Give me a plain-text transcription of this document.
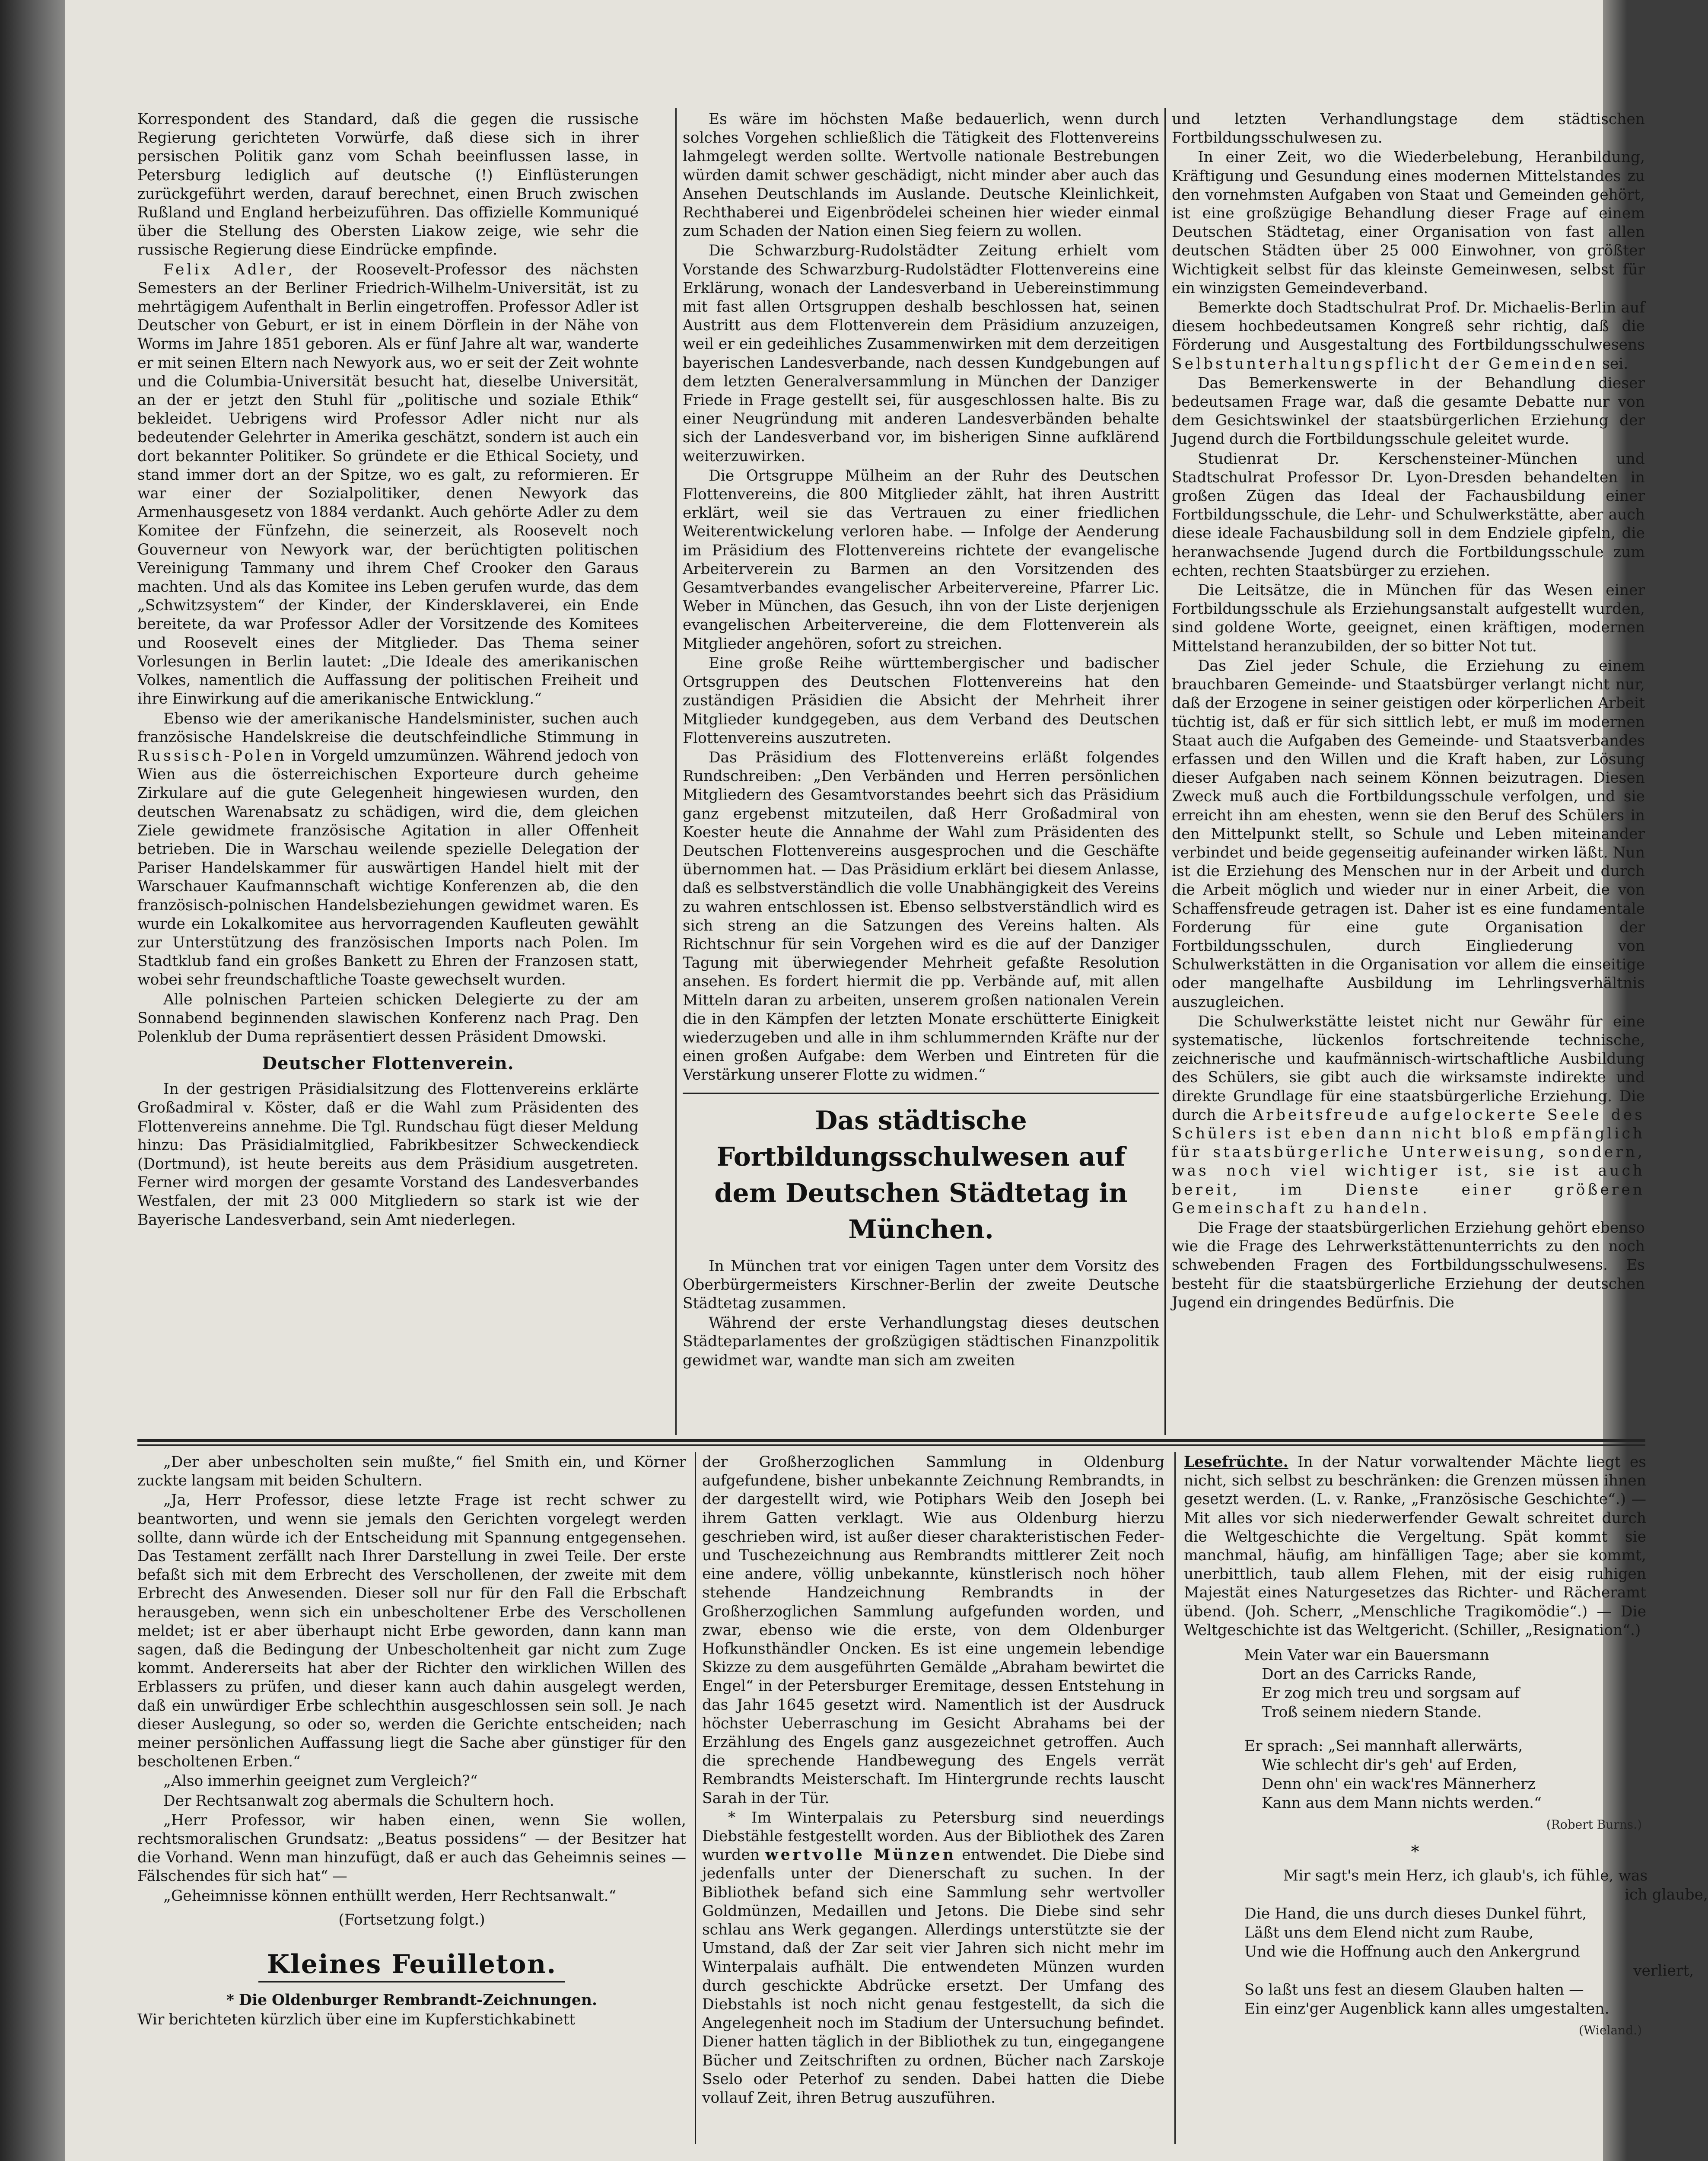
Korrespondent des Standard, daß die gegen die russische Regierung gerichteten Vorwürfe, daß diese sich in ihrer persischen Politik ganz vom Schah beeinflussen lasse, in Petersburg lediglich auf deutsche (!) Einflüsterungen zurückgeführt werden, darauf berechnet, einen Bruch zwischen Rußland und England herbeizuführen. Das offizielle Kommuniqué über die Stellung des Obersten Liakow zeige, wie sehr die russische Regierung diese Eindrücke empfinde.

Felix Adler, der Roosevelt-Professor des nächsten Semesters an der Berliner Friedrich-Wilhelm-Universität, ist zu mehrtägigem Aufenthalt in Berlin eingetroffen. Professor Adler ist Deutscher von Geburt, er ist in einem Dörflein in der Nähe von Worms im Jahre 1851 geboren. Als er fünf Jahre alt war, wanderte er mit seinen Eltern nach Newyork aus, wo er seit der Zeit wohnte und die Columbia-Universität besucht hat, dieselbe Universität, an der er jetzt den Stuhl für „politische und soziale Ethik“ bekleidet. Uebrigens wird Professor Adler nicht nur als bedeutender Gelehrter in Amerika geschätzt, sondern ist auch ein dort bekannter Politiker. So gründete er die Ethical Society, und stand immer dort an der Spitze, wo es galt, zu reformieren. Er war einer der Sozialpolitiker, denen Newyork das Armenhausgesetz von 1884 verdankt. Auch gehörte Adler zu dem Komitee der Fünfzehn, die seinerzeit, als Roosevelt noch Gouverneur von Newyork war, der berüchtigten politischen Vereinigung Tammany und ihrem Chef Crooker den Garaus machten. Und als das Komitee ins Leben gerufen wurde, das dem „Schwitzsystem“ der Kinder, der Kindersklaverei, ein Ende bereitete, da war Professor Adler der Vorsitzende des Komitees und Roosevelt eines der Mitglieder. Das Thema seiner Vorlesungen in Berlin lautet: „Die Ideale des amerikanischen Volkes, namentlich die Auffassung der politischen Freiheit und ihre Einwirkung auf die amerikanische Entwicklung.“

Ebenso wie der amerikanische Handelsminister, suchen auch französische Handelskreise die deutschfeindliche Stimmung in Russisch-Polen in Vorgeld umzumünzen. Während jedoch von Wien aus die österreichischen Exporteure durch geheime Zirkulare auf die gute Gelegenheit hingewiesen wurden, den deutschen Warenabsatz zu schädigen, wird die, dem gleichen Ziele gewidmete französische Agitation in aller Offenheit betrieben. Die in Warschau weilende spezielle Delegation der Pariser Handelskammer für auswärtigen Handel hielt mit der Warschauer Kaufmannschaft wichtige Konferenzen ab, die den französisch-polnischen Handelsbeziehungen gewidmet waren. Es wurde ein Lokalkomitee aus hervorragenden Kaufleuten gewählt zur Unterstützung des französischen Imports nach Polen. Im Stadtklub fand ein großes Bankett zu Ehren der Franzosen statt, wobei sehr freundschaftliche Toaste gewechselt wurden.

Alle polnischen Parteien schicken Delegierte zu der am Sonnabend beginnenden slawischen Konferenz nach Prag. Den Polenklub der Duma repräsentiert dessen Präsident Dmowski.

Deutscher Flottenverein.

In der gestrigen Präsidialsitzung des Flottenvereins erklärte Großadmiral v. Köster, daß er die Wahl zum Präsidenten des Flottenvereins annehme. Die Tgl. Rundschau fügt dieser Meldung hinzu: Das Präsidialmitglied, Fabrikbesitzer Schweckendieck (Dortmund), ist heute bereits aus dem Präsidium ausgetreten. Ferner wird morgen der gesamte Vorstand des Landesverbandes Westfalen, der mit 23 000 Mitgliedern so stark ist wie der Bayerische Landesverband, sein Amt niederlegen.

Es wäre im höchsten Maße bedauerlich, wenn durch solches Vorgehen schließlich die Tätigkeit des Flottenvereins lahmgelegt werden sollte. Wertvolle nationale Bestrebungen würden damit schwer geschädigt, nicht minder aber auch das Ansehen Deutschlands im Auslande. Deutsche Kleinlichkeit, Rechthaberei und Eigenbrödelei scheinen hier wieder einmal zum Schaden der Nation einen Sieg feiern zu wollen.

Die Schwarzburg-Rudolstädter Zeitung erhielt vom Vorstande des Schwarzburg-Rudolstädter Flottenvereins eine Erklärung, wonach der Landesverband in Uebereinstimmung mit fast allen Ortsgruppen deshalb beschlossen hat, seinen Austritt aus dem Flottenverein dem Präsidium anzuzeigen, weil er ein gedeihliches Zusammenwirken mit dem derzeitigen bayerischen Landesverbande, nach dessen Kundgebungen auf dem letzten Generalversammlung in München der Danziger Friede in Frage gestellt sei, für ausgeschlossen halte. Bis zu einer Neugründung mit anderen Landesverbänden behalte sich der Landesverband vor, im bisherigen Sinne aufklärend weiterzuwirken.

Die Ortsgruppe Mülheim an der Ruhr des Deutschen Flottenvereins, die 800 Mitglieder zählt, hat ihren Austritt erklärt, weil sie das Vertrauen zu einer friedlichen Weiterentwickelung verloren habe. — Infolge der Aenderung im Präsidium des Flottenvereins richtete der evangelische Arbeiterverein zu Barmen an den Vorsitzenden des Gesamtverbandes evangelischer Arbeitervereine, Pfarrer Lic. Weber in München, das Gesuch, ihn von der Liste derjenigen evangelischen Arbeitervereine, die dem Flottenverein als Mitglieder angehören, sofort zu streichen.

Eine große Reihe württembergischer und badischer Ortsgruppen des Deutschen Flottenvereins hat den zuständigen Präsidien die Absicht der Mehrheit ihrer Mitglieder kundgegeben, aus dem Verband des Deutschen Flottenvereins auszutreten.

Das Präsidium des Flottenvereins erläßt folgendes Rundschreiben: „Den Verbänden und Herren persönlichen Mitgliedern des Gesamtvorstandes beehrt sich das Präsidium ganz ergebenst mitzuteilen, daß Herr Großadmiral von Koester heute die Annahme der Wahl zum Präsidenten des Deutschen Flottenvereins ausgesprochen und die Geschäfte übernommen hat. — Das Präsidium erklärt bei diesem Anlasse, daß es selbstverständlich die volle Unabhängigkeit des Vereins zu wahren entschlossen ist. Ebenso selbstverständlich wird es sich streng an die Satzungen des Vereins halten. Als Richtschnur für sein Vorgehen wird es die auf der Danziger Tagung mit überwiegender Mehrheit gefaßte Resolution ansehen. Es fordert hiermit die pp. Verbände auf, mit allen Mitteln daran zu arbeiten, unserem großen nationalen Verein die in den Kämpfen der letzten Monate erschütterte Einigkeit wiederzugeben und alle in ihm schlummernden Kräfte nur der einen großen Aufgabe: dem Werben und Eintreten für die Verstärkung unserer Flotte zu widmen.“

Das städtische Fortbildungsschulwesen auf dem Deutschen Städtetag in München.

In München trat vor einigen Tagen unter dem Vorsitz des Oberbürgermeisters Kirschner-Berlin der zweite Deutsche Städtetag zusammen.

Während der erste Verhandlungstag dieses deutschen Städteparlamentes der großzügigen städtischen Finanzpolitik gewidmet war, wandte man sich am zweiten

und letzten Verhandlungstage dem städtischen Fortbildungsschulwesen zu.

In einer Zeit, wo die Wiederbelebung, Heranbildung, Kräftigung und Gesundung eines modernen Mittelstandes zu den vornehmsten Aufgaben von Staat und Gemeinden gehört, ist eine großzügige Behandlung dieser Frage auf einem Deutschen Städtetag, einer Organisation von fast allen deutschen Städten über 25 000 Einwohner, von größter Wichtigkeit selbst für das kleinste Gemeinwesen, selbst für ein winzigsten Gemeindeverband.

Bemerkte doch Stadtschulrat Prof. Dr. Michaelis-Berlin auf diesem hochbedeutsamen Kongreß sehr richtig, daß die Förderung und Ausgestaltung des Fortbildungsschulwesens Selbstunterhaltungspflicht der Gemeinden sei.

Das Bemerkenswerte in der Behandlung dieser bedeutsamen Frage war, daß die gesamte Debatte nur von dem Gesichtswinkel der staatsbürgerlichen Erziehung der Jugend durch die Fortbildungsschule geleitet wurde.

Studienrat Dr. Kerschensteiner-München und Stadtschulrat Professor Dr. Lyon-Dresden behandelten in großen Zügen das Ideal der Fachausbildung einer Fortbildungsschule, die Lehr- und Schulwerkstätte, aber auch diese ideale Fachausbildung soll in dem Endziele gipfeln, die heranwachsende Jugend durch die Fortbildungsschule zum echten, rechten Staatsbürger zu erziehen.

Die Leitsätze, die in München für das Wesen einer Fortbildungsschule als Erziehungsanstalt aufgestellt wurden, sind goldene Worte, geeignet, einen kräftigen, modernen Mittelstand heranzubilden, der so bitter Not tut.

Das Ziel jeder Schule, die Erziehung zu einem brauchbaren Gemeinde- und Staatsbürger verlangt nicht nur, daß der Erzogene in seiner geistigen oder körperlichen Arbeit tüchtig ist, daß er für sich sittlich lebt, er muß im modernen Staat auch die Aufgaben des Gemeinde- und Staatsverbandes erfassen und den Willen und die Kraft haben, zur Lösung dieser Aufgaben nach seinem Können beizutragen. Diesen Zweck muß auch die Fortbildungsschule verfolgen, und sie erreicht ihn am ehesten, wenn sie den Beruf des Schülers in den Mittelpunkt stellt, so Schule und Leben miteinander verbindet und beide gegenseitig aufeinander wirken läßt. Nun ist die Erziehung des Menschen nur in der Arbeit und durch die Arbeit möglich und wieder nur in einer Arbeit, die von Schaffensfreude getragen ist. Daher ist es eine fundamentale Forderung für eine gute Organisation der Fortbildungsschulen, durch Eingliederung von Schulwerkstätten in die Organisation vor allem die einseitige oder mangelhafte Ausbildung im Lehrlingsverhältnis auszugleichen.

Die Schulwerkstätte leistet nicht nur Gewähr für eine systematische, lückenlos fortschreitende technische, zeichnerische und kaufmännisch-wirtschaftliche Ausbildung des Schülers, sie gibt auch die wirksamste indirekte und direkte Grundlage für eine staatsbürgerliche Erziehung. Die durch die Arbeitsfreude aufgelockerte Seele des Schülers ist eben dann nicht bloß empfänglich für staatsbürgerliche Unterweisung, sondern, was noch viel wichtiger ist, sie ist auch bereit, im Dienste einer größeren Gemeinschaft zu handeln.

Die Frage der staatsbürgerlichen Erziehung gehört ebenso wie die Frage des Lehrwerkstättenunterrichts zu den noch schwebenden Fragen des Fortbildungsschulwesens. Es besteht für die staatsbürgerliche Erziehung der deutschen Jugend ein dringendes Bedürfnis. Die

„Der aber unbescholten sein mußte,“ fiel Smith ein, und Körner zuckte langsam mit beiden Schultern.

„Ja, Herr Professor, diese letzte Frage ist recht schwer zu beantworten, und wenn sie jemals den Gerichten vorgelegt werden sollte, dann würde ich der Entscheidung mit Spannung entgegensehen. Das Testament zerfällt nach Ihrer Darstellung in zwei Teile. Der erste befaßt sich mit dem Erbrecht des Verschollenen, der zweite mit dem Erbrecht des Anwesenden. Dieser soll nur für den Fall die Erbschaft herausgeben, wenn sich ein unbescholtener Erbe des Verschollenen meldet; ist er aber überhaupt nicht Erbe geworden, dann kann man sagen, daß die Bedingung der Unbescholtenheit gar nicht zum Zuge kommt. Andererseits hat aber der Richter den wirklichen Willen des Erblassers zu prüfen, und dieser kann auch dahin ausgelegt werden, daß ein unwürdiger Erbe schlechthin ausgeschlossen sein soll. Je nach dieser Auslegung, so oder so, werden die Gerichte entscheiden; nach meiner persönlichen Auffassung liegt die Sache aber günstiger für den bescholtenen Erben.“

„Also immerhin geeignet zum Vergleich?“

Der Rechtsanwalt zog abermals die Schultern hoch.

„Herr Professor, wir haben einen, wenn Sie wollen, rechtsmoralischen Grundsatz: „Beatus possidens“ — der Besitzer hat die Vorhand. Wenn man hinzufügt, daß er auch das Geheimnis seines — Fälschendes für sich hat“ —

„Geheimnisse können enthüllt werden, Herr Rechtsanwalt.“

(Fortsetzung folgt.)
Kleines Feuilleton.

* Die Oldenburger Rembrandt-Zeichnungen.

Wir berichteten kürzlich über eine im Kupferstichkabinett

der Großherzoglichen Sammlung in Oldenburg aufgefundene, bisher unbekannte Zeichnung Rembrandts, in der dargestellt wird, wie Potiphars Weib den Joseph bei ihrem Gatten verklagt. Wie aus Oldenburg hierzu geschrieben wird, ist außer dieser charakteristischen Feder- und Tuschezeichnung aus Rembrandts mittlerer Zeit noch eine andere, völlig unbekannte, künstlerisch noch höher stehende Handzeichnung Rembrandts in der Großherzoglichen Sammlung aufgefunden worden, und zwar, ebenso wie die erste, von dem Oldenburger Hofkunsthändler Oncken. Es ist eine ungemein lebendige Skizze zu dem ausgeführten Gemälde „Abraham bewirtet die Engel“ in der Petersburger Eremitage, dessen Entstehung in das Jahr 1645 gesetzt wird. Namentlich ist der Ausdruck höchster Ueberraschung im Gesicht Abrahams bei der Erzählung des Engels ganz ausgezeichnet getroffen. Auch die sprechende Handbewegung des Engels verrät Rembrandts Meisterschaft. Im Hintergrunde rechts lauscht Sarah in der Tür.

* Im Winterpalais zu Petersburg sind neuerdings Diebstähle festgestellt worden. Aus der Bibliothek des Zaren wurden wertvolle Münzen entwendet. Die Diebe sind jedenfalls unter der Dienerschaft zu suchen. In der Bibliothek befand sich eine Sammlung sehr wertvoller Goldmünzen, Medaillen und Jetons. Die Diebe sind sehr schlau ans Werk gegangen. Allerdings unterstützte sie der Umstand, daß der Zar seit vier Jahren sich nicht mehr im Winterpalais aufhält. Die entwendeten Münzen wurden durch geschickte Abdrücke ersetzt. Der Umfang des Diebstahls ist noch nicht genau festgestellt, da sich die Angelegenheit noch im Stadium der Untersuchung befindet. Diener hatten täglich in der Bibliothek zu tun, eingegangene Bücher und Zeitschriften zu ordnen, Bücher nach Zarskoje Sselo oder Peterhof zu senden. Dabei hatten die Diebe vollauf Zeit, ihren Betrug auszuführen.

Lesefrüchte. In der Natur vorwaltender Mächte liegt es nicht, sich selbst zu beschränken: die Grenzen müssen ihnen gesetzt werden. (L. v. Ranke, „Französische Geschichte“.) — Mit alles vor sich niederwerfender Gewalt schreitet durch die Weltgeschichte die Vergeltung. Spät kommt sie manchmal, häufig, am hinfälligen Tage; aber sie kommt, unerbittlich, taub allem Flehen, mit der eisig ruhigen Majestät eines Naturgesetzes das Richter- und Rächeramt übend. (Joh. Scherr, „Menschliche Tragikomödie“.) — Die Weltgeschichte ist das Weltgericht. (Schiller, „Resignation“.)

Mein Vater war ein Bauersmann
Dort an des Carricks Rande,
Er zog mich treu und sorgsam auf
Troß seinem niedern Stande.
Er sprach: „Sei mannhaft allerwärts,
Wie schlecht dir's geh' auf Erden,
Denn ohn' ein wack'res Männerherz
Kann aus dem Mann nichts werden.“
(Robert Burns.)
*
Mir sagt's mein Herz, ich glaub's, ich fühle, was
ich glaube,
Die Hand, die uns durch dieses Dunkel führt,
Läßt uns dem Elend nicht zum Raube,
Und wie die Hoffnung auch den Ankergrund
verliert,
So laßt uns fest an diesem Glauben halten —
Ein einz'ger Augenblick kann alles umgestalten.
(Wieland.)
